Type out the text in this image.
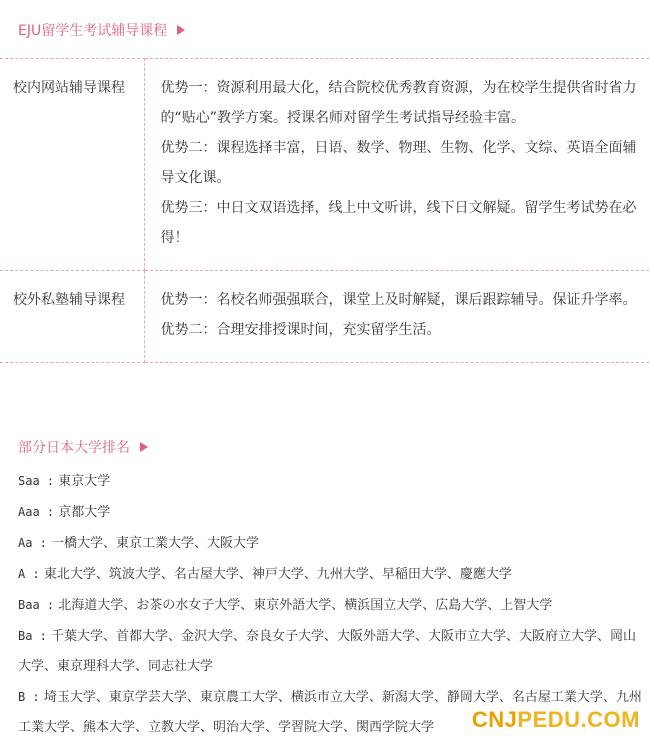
EJU留学生考试辅导课程
校内网站辅导课程	优势一：资源利用最大化，结合院校优秀教育资源，为在校学生提供省时省力的“贴心”教学方案。授课名师对留学生考试指导经验丰富。
优势二：课程选择丰富，日语、数学、物理、生物、化学、文综、英语全面辅导文化课。
优势三：中日文双语选择，线上中文听讲，线下日文解疑。留学生考试势在必得！

校外私塾辅导课程	优势一：名校名师强强联合，课堂上及时解疑，课后跟踪辅导。保证升学率。
优势二：合理安排授课时间，充实留学生活。
部分日本大学排名
Saa : 東京大学
Aaa : 京都大学
Aa : 一橋大学、東京工業大学、大阪大学
A : 東北大学、筑波大学、名古屋大学、神戸大学、九州大学、早稲田大学、慶應大学
Baa : 北海道大学、お茶の水女子大学、東京外語大学、横浜国立大学、広島大学、上智大学
Ba : 千葉大学、首都大学、金沢大学、奈良女子大学、大阪外語大学、大阪市立大学、大阪府立大学、岡山大学、東京理科大学、同志社大学
B : 埼玉大学、東京学芸大学、東京農工大学、横浜市立大学、新潟大学、静岡大学、名古屋工業大学、九州工業大学、熊本大学、立教大学、明治大学、学習院大学、関西学院大学	CNJPEDU.COM
